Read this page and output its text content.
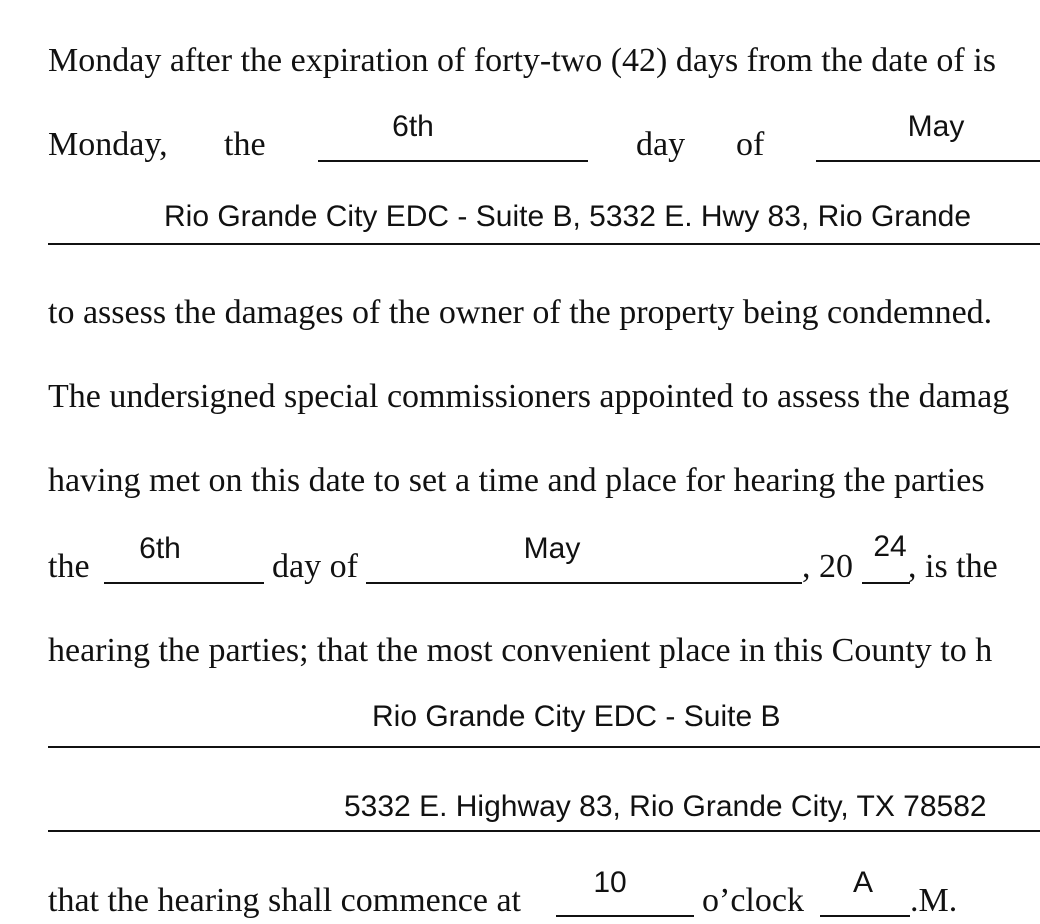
Monday after the expiration of forty-two (42) days from the date of is
Monday, the	6th	day of	May
Rio Grande City EDC - Suite B, 5332 E. Hwy 83, Rio Grande
to assess the damages of the owner of the property being condemned.
The undersigned special commissioners appointed to assess the damag
having met on this date to set a time and place for hearing the parties
the	6th	day of	May	, 20
24
, is the
hearing the parties; that the most convenient place in this County to h
Rio Grande City EDC - Suite B
5332 E. Highway 83, Rio Grande City, TX 78582
that the hearing shall commence at	10	o’clock	A	.M.
